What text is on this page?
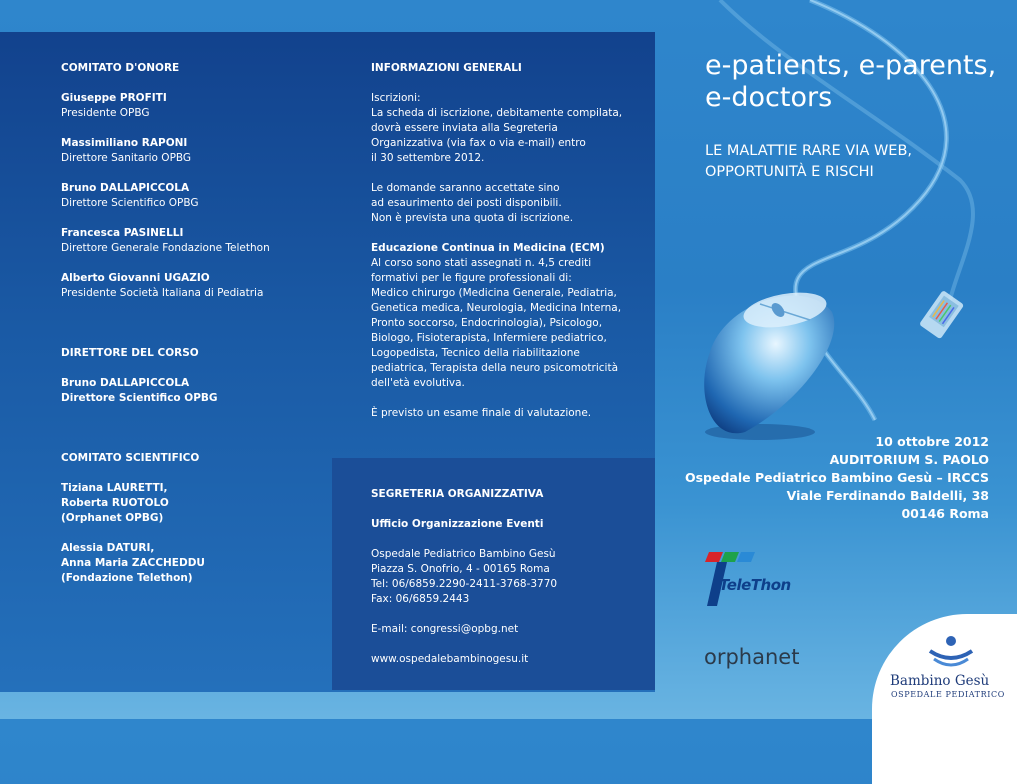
COMITATO D'ONORE
Giuseppe PROFITI
Presidente OPBG
Massimiliano RAPONI
Direttore Sanitario OPBG
Bruno DALLAPICCOLA
Direttore Scientifico OPBG
Francesca PASINELLI
Direttore Generale Fondazione Telethon
Alberto Giovanni UGAZIO
Presidente Società Italiana di Pediatria
DIRETTORE DEL CORSO
Bruno DALLAPICCOLA
Direttore Scientifico OPBG
COMITATO SCIENTIFICO
Tiziana LAURETTI,
Roberta RUOTOLO
(Orphanet OPBG)
Alessia DATURI,
Anna Maria ZACCHEDDU
(Fondazione Telethon)
INFORMAZIONI GENERALI
Iscrizioni:
La scheda di iscrizione, debitamente compilata,
dovrà essere inviata alla Segreteria
Organizzativa (via fax o via e-mail) entro
il 30 settembre 2012.
Le domande saranno accettate sino
ad esaurimento dei posti disponibili.
Non è prevista una quota di iscrizione.
Educazione Continua in Medicina (ECM)
Al corso sono stati assegnati n. 4,5 crediti
formativi per le figure professionali di:
Medico chirurgo (Medicina Generale, Pediatria,
Genetica medica, Neurologia, Medicina Interna,
Pronto soccorso, Endocrinologia), Psicologo,
Biologo, Fisioterapista, Infermiere pediatrico,
Logopedista, Tecnico della riabilitazione
pediatrica, Terapista della neuro psicomotricità
dell'età evolutiva.
È previsto un esame finale di valutazione.
SEGRETERIA ORGANIZZATIVA
Ufficio Organizzazione Eventi
Ospedale Pediatrico Bambino Gesù
Piazza S. Onofrio, 4 - 00165 Roma
Tel: 06/6859.2290-2411-3768-3770
Fax: 06/6859.2443
E-mail: congressi@opbg.net
www.ospedalebambinogesu.it
e-patients, e-parents,
e-doctors
LE MALATTIE RARE VIA WEB,
OPPORTUNITÀ E RISCHI
10 ottobre 2012
AUDITORIUM S. PAOLO
Ospedale Pediatrico Bambino Gesù – IRCCS
Viale Ferdinando Baldelli, 38
00146 Roma
TeleThon
orphanet
Bambino Gesù
OSPEDALE PEDIATRICO
